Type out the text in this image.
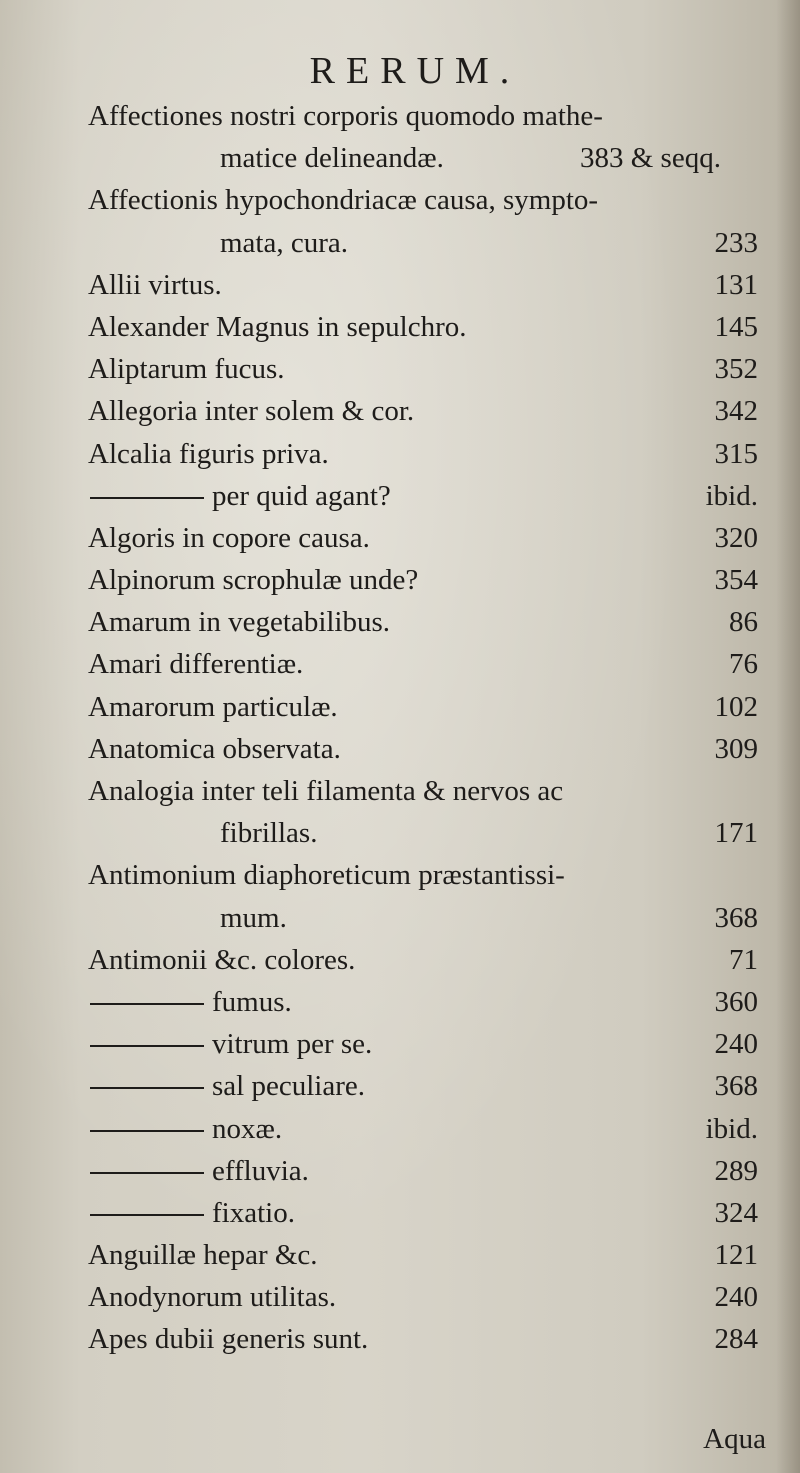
RERUM.
Affectiones nostri corporis quomodo mathe-
matice delineandæ.	383 & seqq.
Affectionis hypochondriacæ causa, sympto-
mata, cura.	233
Allii virtus.	131
Alexander Magnus in sepulchro.	145
Aliptarum fucus.	352
Allegoria inter solem & cor.	342
Alcalia figuris priva.	315
per quid agant?	ibid.
Algoris in copore causa.	320
Alpinorum scrophulæ unde?	354
Amarum in vegetabilibus.	86
Amari differentiæ.	76
Amarorum particulæ.	102
Anatomica observata.	309
Analogia inter teli filamenta & nervos ac
fibrillas.	171
Antimonium diaphoreticum præstantissi-
mum.	368
Antimonii &c. colores.	71
fumus.	360
vitrum per se.	240
sal peculiare.	368
noxæ.	ibid.
effluvia.	289
fixatio.	324
Anguillæ hepar &c.	121
Anodynorum utilitas.	240
Apes dubii generis sunt.	284
Aqua
